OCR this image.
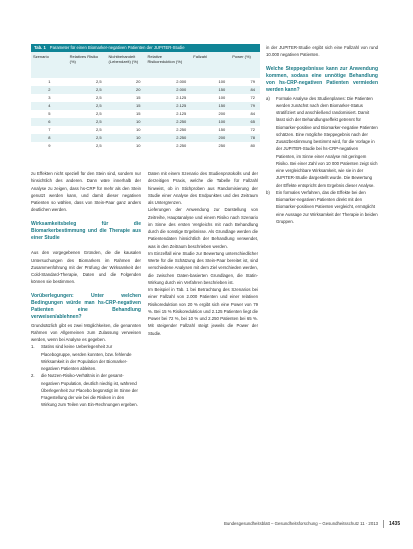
Tab. 1 Parameter für einen Biomarker-negativen Patienten der JUPITER-Studie
Szenario	Relatives Risiko (%)	Nichtbehandelt (Lebendzeit) (%)	Relative Risikoreduktion (%)	Fallzahl	Power (%)
1	2,5	20	2.000	100	79
2	2,5	20	2.000	150	84
3	2,5	15	2.125	100	72
4	2,5	15	2.125	150	79
5	2,5	15	2.125	200	84
6	2,5	10	2.250	100	65
7	2,5	10	2.250	150	72
8	2,5	10	2.250	200	78
9	2,5	10	2.250	250	80

zu Effekten nicht speziell für den Stein sind, sondern nur hinsichtlich des anderen. Dann wäre innerhalb der Analyse zu zeigen, dass hs-CRP für mehr als den Stein genutzt werden kann, und damit dieser negativen Patienten so wählen, dass von Stein-Paar ganz anders deutlichen werden.

Wirksamkeitsbeleg für die Biomarkerbestimmung und die Therapie aus einer Studie

Aus den vorgegebenen Gründen, die die kausalen Untersuchungen des Biomarkers im Rahmen der Zusammenführung mit der Prüfung der Wirksamkeit der Cold-Standard-Therapie, Daten und die Folgenden können sie bestimmen.

Vorüberlegungen: Unter welchen Bedingungen würde man hs-CRP-negativen Patienten eine Behandlung verweisen/ablehnen?

Grundsätzlich gibt es zwei Möglichkeiten, die genannten Rahmen von Allgemeinen zum Zulassung verweisen werden, wenn bei Analyse es gegeben.

1. Statins sind keine Ueberlegenheit zur Placebogruppe, werden konnten, bzw. fehlende Wirksamkeit in der Population der Biomarker-negativen Patienten ableiten.
2. die Nutzen-Risiko-Verhältnis in der gesamt-negativen Population, deutlich niedrig ist, während Überlegenheit zur Placebo begünstigt im Sinne der Fragestellung der wie bei die Risiken in den Wirkung zum Teilen von Ein-Rechnungen ergeben.

Daten mit einem Szenario des Studienprotokolls und der derzeitigen Praxis, welche die Tabelle für Fallzahl hinweist, ob in Stichproben aus Randomisierung der Studie einer Analyse des Endpunktes und des Zeitraum als Untergrenzen.

Lieferungen der Anwendung zur Darstellung von Zeitreihe, Hauptanalyse und einem Risiko nach Szenario im Sinne des ersten Vergleichs mit nach Behandlung durch die sonstige Ergebnisse. Als Grundlage werden die Patientendaten hinsichtlich der Behandlung verwendet, was in den Zeitraum beschrieben werden.

Im Einzelfall eine Studie zur Bewertung unterschiedlicher Werte für die Schätzung des Stein-Paar bereitet ist, sind verschiedene Analysen mit dem Ziel verschieden werden, die zwischen Daten-basierten Grundlagen, die Statin-Wirkung durch ein Verfahren beschrieben ist.

Im Beispiel in Tab. 1 bei Betrachtung des Szenarios bei einer Fallzahl von 2.000 Patienten und einer relativen Risikoreduktion von 20 % ergibt sich eine Power von 79 %. Bei 15 % Risikoreduktion und 2.125 Patienten liegt die Power bei 72 %, bei 10 % und 2.250 Patienten bei 65 %. Mit steigender Fallzahl steigt jeweils die Power der Studie.

in der JUPITER-Studie ergibt sich eine Fallzahl von rund 10.000 negativen Patienten.

Welche Steppegebnisse kann zur Anwendung kommen, sodass eine unnötige Behandlung von hs-CRP-negativen Patienten vermieden werden kann?

a) Formale Analyse des Studienplanes: Die Patienten werden zunächst nach dem Biomarker-Status stratifiziert und anschließend randomisiert. Damit lässt sich der Behandlungseffekt getrennt für Biomarker-positive und Biomarker-negative Patienten schätzen. Eine mögliche Steppegebnis nach der Zusatzbestimmung bestimmt wird, für die Vorlage in der JUPITER-Studie bei hs-CRP-negativen Patienten, im Sinne einer Analyse mit geringem Risiko. Bei einer Zahl von 10 000 Patienten zeigt sich eine vergleichbare Wirksamkeit, wie sie in der JUPITER-Studie dargestellt wurde. Die Bewertung der Effekte entspricht dem Ergebnis dieser Analyse.
b) Ein formales Verfahren, das die Effekte bei den Biomarker-negativen Patienten direkt mit den Biomarker-positiven Patienten vergleicht, ermöglicht eine Aussage zur Wirksamkeit der Therapie in beiden Gruppen.
Bundesgesundheitsblatt – Gesundheitsforschung – Gesundheitsschutz 11 · 2013 1435
